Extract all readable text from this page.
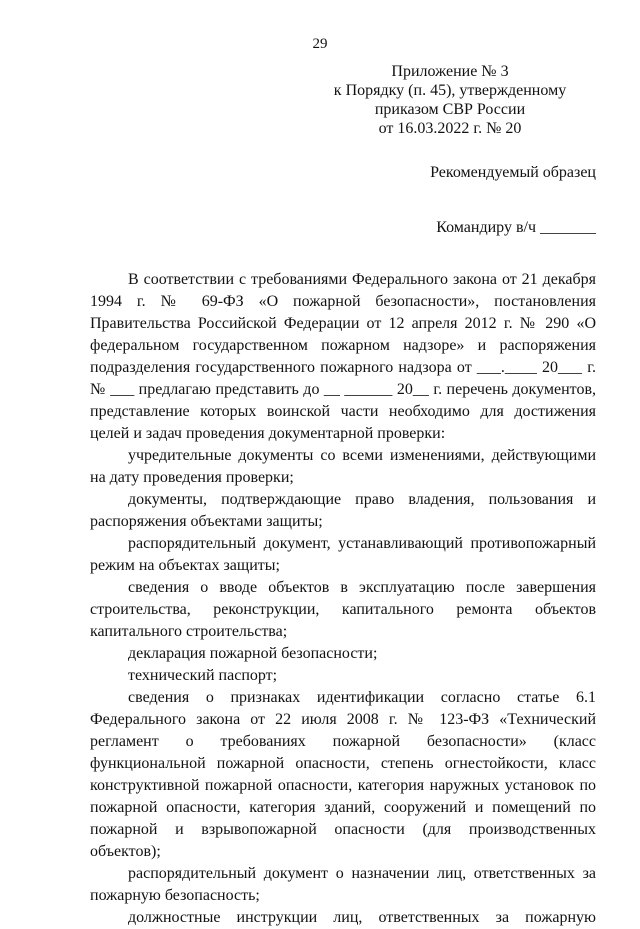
29
Приложение № 3
к Порядку (п. 45), утвержденному
приказом СВР России
от 16.03.2022 г. № 20
Рекомендуемый образец
Командиру в/ч _______

В соответствии с требованиями Федерального закона от 21 декабря 1994 г. № 69-ФЗ «О пожарной безопасности», постановления Правительства Российской Федерации от 12 апреля 2012 г. № 290 «О федеральном государственном пожарном надзоре» и распоряжения подразделения государственного пожарного надзора от ___.____ 20___ г. № ___ предлагаю представить до __ ______ 20__ г. перечень документов, представление которых воинской части необходимо для достижения целей и задач проведения документарной проверки:

учредительные документы со всеми изменениями, действующими на дату проведения проверки;

документы, подтверждающие право владения, пользования и распоряжения объектами защиты;

распорядительный документ, устанавливающий противопожарный режим на объектах защиты;

сведения о вводе объектов в эксплуатацию после завершения строительства, реконструкции, капитального ремонта объектов капитального строительства;

декларация пожарной безопасности;

технический паспорт;

сведения о признаках идентификации согласно статье 6.1 Федерального закона от 22 июля 2008 г. № 123-ФЗ «Технический регламент о требованиях пожарной безопасности» (класс функциональной пожарной опасности, степень огнестойкости, класс конструктивной пожарной опасности, категория наружных установок по пожарной опасности, категория зданий, сооружений и помещений по пожарной и взрывопожарной опасности (для производственных объектов);

распорядительный документ о назначении лиц, ответственных за пожарную безопасность;

должностные инструкции лиц, ответственных за пожарную
